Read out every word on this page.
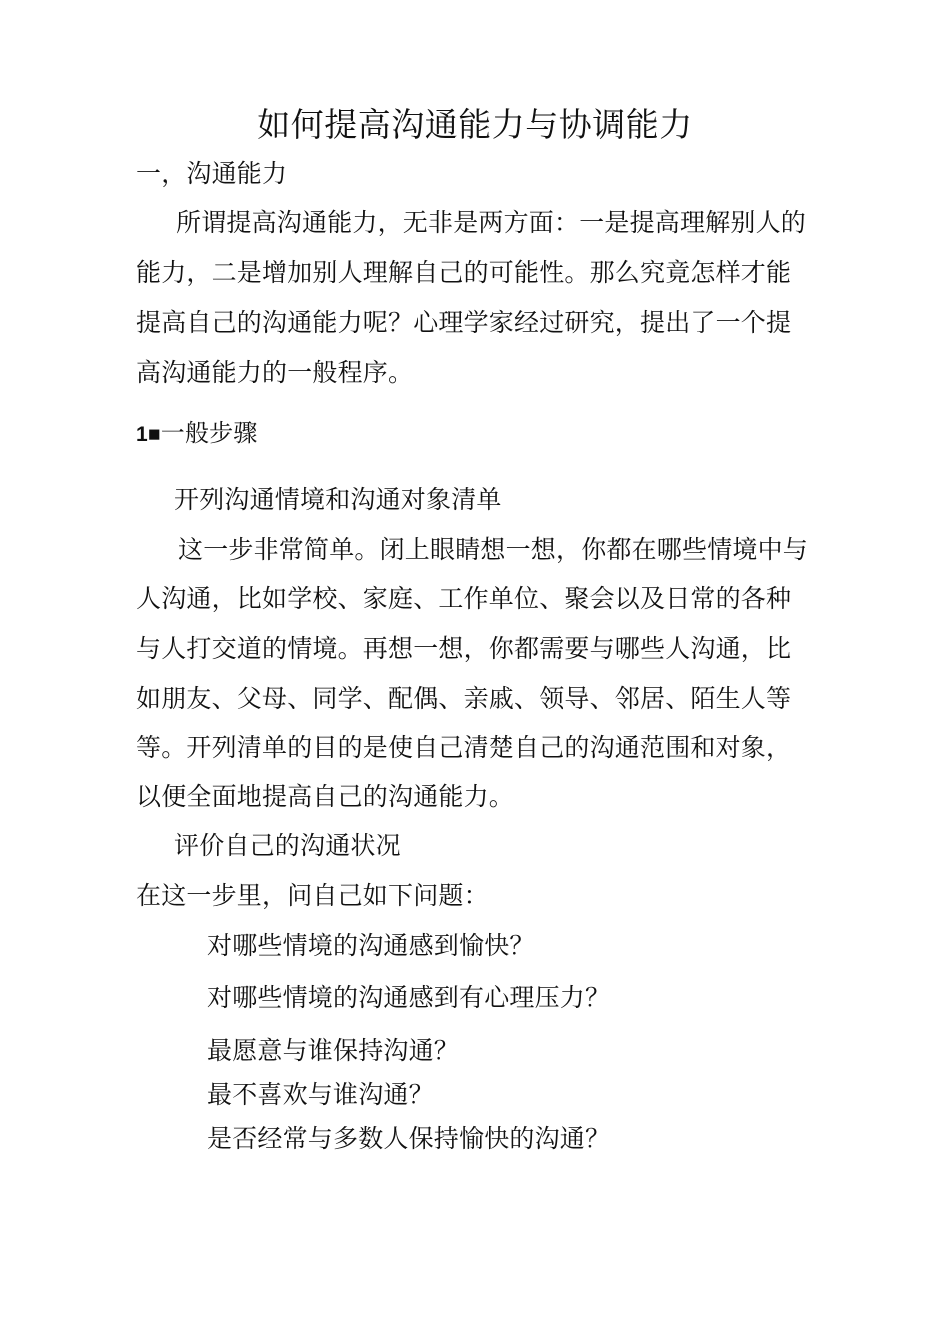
如何提高沟通能力与协调能力
一，沟通能力
所谓提高沟通能力，无非是两方面：一是提高理解别人的
能力，二是增加别人理解自己的可能性。那么究竟怎样才能
提高自己的沟通能力呢？心理学家经过研究，提出了一个提
高沟通能力的一般程序。
1■一般步骤
开列沟通情境和沟通对象清单
这一步非常简单。闭上眼睛想一想，你都在哪些情境中与
人沟通，比如学校、家庭、工作单位、聚会以及日常的各种
与人打交道的情境。再想一想，你都需要与哪些人沟通，比
如朋友、父母、同学、配偶、亲戚、领导、邻居、陌生人等
等。开列清单的目的是使自己清楚自己的沟通范围和对象，
以便全面地提高自己的沟通能力。
评价自己的沟通状况
在这一步里，问自己如下问题：
对哪些情境的沟通感到愉快？
对哪些情境的沟通感到有心理压力？
最愿意与谁保持沟通？
最不喜欢与谁沟通？
是否经常与多数人保持愉快的沟通？
